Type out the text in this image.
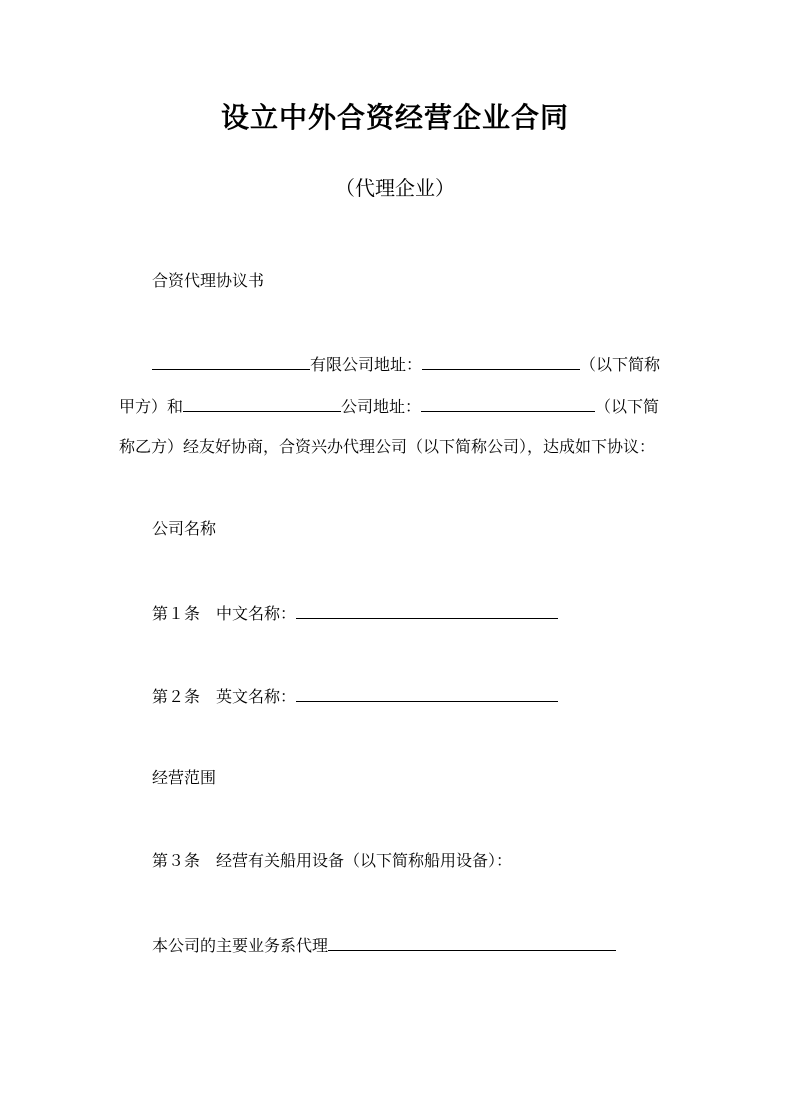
设立中外合资经营企业合同
（代理企业）
合资代理协议书
有限公司地址：	（以下简称
甲方）和	公司地址：	（以下简
称乙方）经友好协商，合资兴办代理公司（以下简称公司），达成如下协议：
公司名称
第１条 中文名称：
第２条 英文名称：
经营范围
第３条 经营有关船用设备（以下简称船用设备）：
本公司的主要业务系代理
